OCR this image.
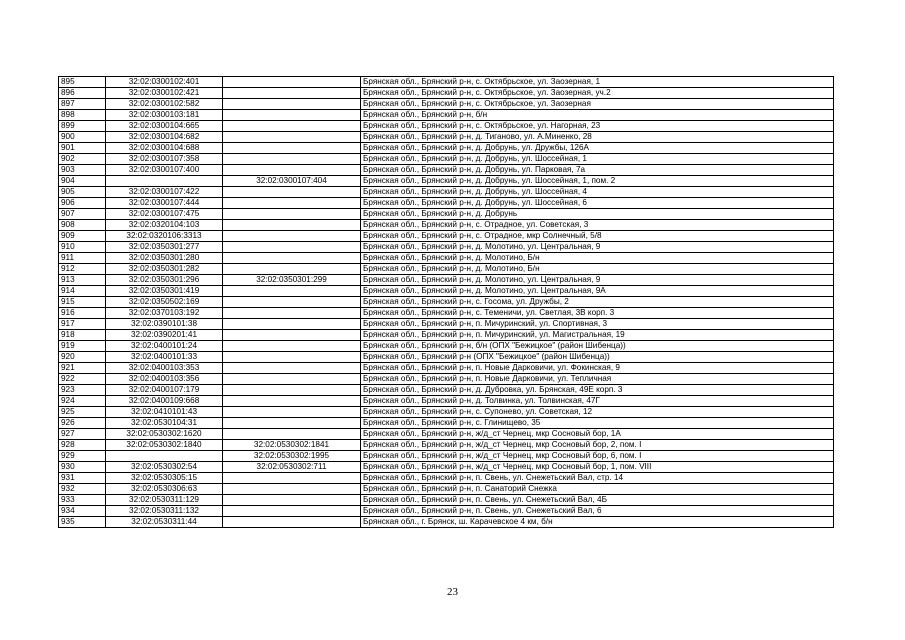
895	32:02:0300102:401		Брянская обл., Брянский р-н, с. Октябрьское, ул. Заозерная, 1
896	32:02:0300102:421		Брянская обл., Брянский р-н, с. Октябрьское, ул. Заозерная, уч.2
897	32:02:0300102:582		Брянская обл., Брянский р-н, с. Октябрьское, ул. Заозерная
898	32:02:0300103:181		Брянская обл., Брянский р-н, б/н
899	32:02:0300104:665		Брянская обл., Брянский р-н, с. Октябрьское, ул. Нагорная, 23
900	32:02:0300104:682		Брянская обл., Брянский р-н, д. Тиганово, ул. А.Миненко, 28
901	32:02:0300104:688		Брянская обл., Брянский р-н, д. Добрунь, ул. Дружбы, 126А
902	32:02:0300107:358		Брянская обл., Брянский р-н, д. Добрунь, ул. Шоссейная, 1
903	32:02:0300107:400		Брянская обл., Брянский р-н, д. Добрунь, ул. Парковая, 7а
904		32:02:0300107:404	Брянская обл., Брянский р-н, д. Добрунь, ул. Шоссейная, 1, пом. 2
905	32:02:0300107:422		Брянская обл., Брянский р-н, д. Добрунь, ул. Шоссейная, 4
906	32:02:0300107:444		Брянская обл., Брянский р-н, д. Добрунь, ул. Шоссейная, 6
907	32:02:0300107:475		Брянская обл., Брянский р-н, д. Добрунь
908	32:02:0320104:103		Брянская обл., Брянский р-н, с. Отрадное, ул. Советская, 3
909	32:02:0320106:3313		Брянская обл., Брянский р-н, с. Отрадное, мкр Солнечный, 5/8
910	32:02:0350301:277		Брянская обл., Брянский р-н, д. Молотино, ул. Центральная, 9
911	32:02:0350301:280		Брянская обл., Брянский р-н, д. Молотино, Б/н
912	32:02:0350301:282		Брянская обл., Брянский р-н, д. Молотино, Б/н
913	32:02:0350301:296	32:02:0350301:299	Брянская обл., Брянский р-н, д. Молотино, ул. Центральная, 9
914	32:02:0350301:419		Брянская обл., Брянский р-н, д. Молотино, ул. Центральная, 9А
915	32:02:0350502:169		Брянская обл., Брянский р-н, с. Госома, ул. Дружбы, 2
916	32:02:0370103:192		Брянская обл., Брянский р-н, с. Теменичи, ул. Светлая, 3В корп. 3
917	32:02:0390101:38		Брянская обл., Брянский р-н, п. Мичуринский, ул. Спортивная, 3
918	32:02:0390201:41		Брянская обл., Брянский р-н, п. Мичуринский, ул. Магистральная, 19
919	32:02:0400101:24		Брянская обл., Брянский р-н, б/н (ОПХ "Бежицкое" (район Шибенца))
920	32:02:0400101:33		Брянская обл., Брянский р-н (ОПХ "Бежицкое" (район Шибенца))
921	32:02:0400103:353		Брянская обл., Брянский р-н, п. Новые Дарковичи, ул. Фокинская, 9
922	32:02:0400103:356		Брянская обл., Брянский р-н, п. Новые Дарковичи, ул. Тепличная
923	32:02:0400107:179		Брянская обл., Брянский р-н, д. Дубровка, ул. Брянская, 49Е корп. 3
924	32:02:0400109:668		Брянская обл., Брянский р-н, д. Толвинка, ул. Толвинская, 47Г
925	32:02:0410101:43		Брянская обл., Брянский р-н, с. Супонево, ул. Советская, 12
926	32:02:0530104:31		Брянская обл., Брянский р-н, с. Глинищево, 35
927	32:02:0530302:1620		Брянская обл., Брянский р-н, ж/д_ст Чернец, мкр Сосновый бор, 1А
928	32:02:0530302:1840	32:02:0530302:1841	Брянская обл., Брянский р-н, ж/д_ст Чернец, мкр Сосновый бор, 2, пом. I
929		32:02:0530302:1995	Брянская обл., Брянский р-н, ж/д_ст Чернец, мкр Сосновый бор, 6, пом. I
930	32:02:0530302:54	32:02:0530302:711	Брянская обл., Брянский р-н, ж/д_ст Чернец, мкр Сосновый бор, 1, пом. VIII
931	32:02:0530305:15		Брянская обл., Брянский р-н, п. Свень, ул. Снежетьский Вал, стр. 14
932	32:02:0530306:63		Брянская обл., Брянский р-н, п. Санаторий Снежка
933	32:02:0530311:129		Брянская обл., Брянский р-н, п. Свень, ул. Снежетьский Вал, 4Б
934	32:02:0530311:132		Брянская обл., Брянский р-н, п. Свень, ул. Снежетьский Вал, 6
935	32:02:0530311:44		Брянская обл., г. Брянск, ш. Карачевское 4 км, б/н
23
